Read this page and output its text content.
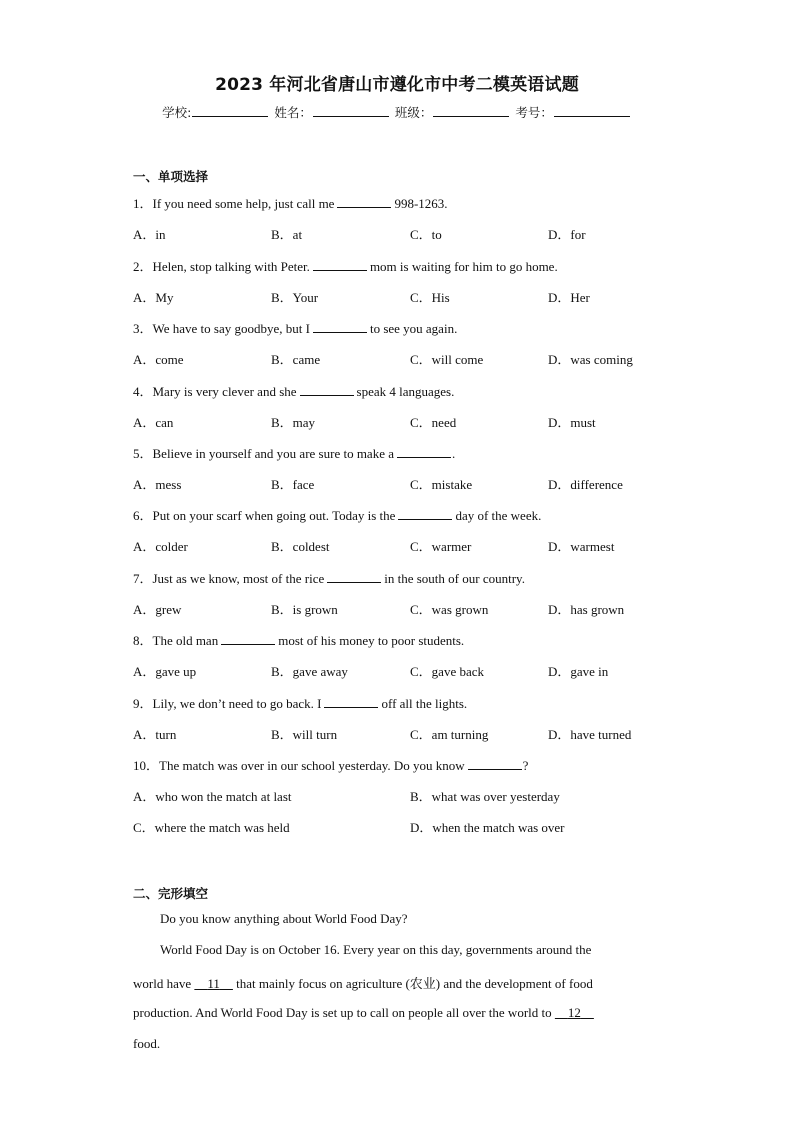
2023 年河北省唐山市遵化市中考二模英语试题
学校:	姓名：	班级：	考号：
一、单项选择
1．If you need some help, just call me	998-1263.
A．in	B．at	C．to	D．for
2．Helen, stop talking with Peter.	mom is waiting for him to go home.
A．My	B．Your	C．His	D．Her
3．We have to say goodbye, but I	to see you again.
A．come	B．came	C．will come	D．was coming
4．Mary is very clever and she	speak 4 languages.
A．can	B．may	C．need	D．must
5．Believe in yourself and you are sure to make a	.
A．mess	B．face	C．mistake	D．difference
6．Put on your scarf when going out. Today is the	day of the week.
A．colder	B．coldest	C．warmer	D．warmest
7．Just as we know, most of the rice	in the south of our country.
A．grew	B．is grown	C．was grown	D．has grown
8．The old man	most of his money to poor students.
A．gave up	B．gave away	C．gave back	D．gave in
9．Lily, we don’t need to go back. I	off all the lights.
A．turn	B．will turn	C．am turning	D．have turned
10．The match was over in our school yesterday. Do you know	?
A．who won the match at last	B．what was over yesterday
C．where the match was held	D．when the match was over
二、完形填空
Do you know anything about World Food Day?
World Food Day is on October 16. Every year on this day, governments around the
world have 11 that mainly focus on agriculture (农业) and the development of food
production. And World Food Day is set up to call on people all over the world to 12
food.
